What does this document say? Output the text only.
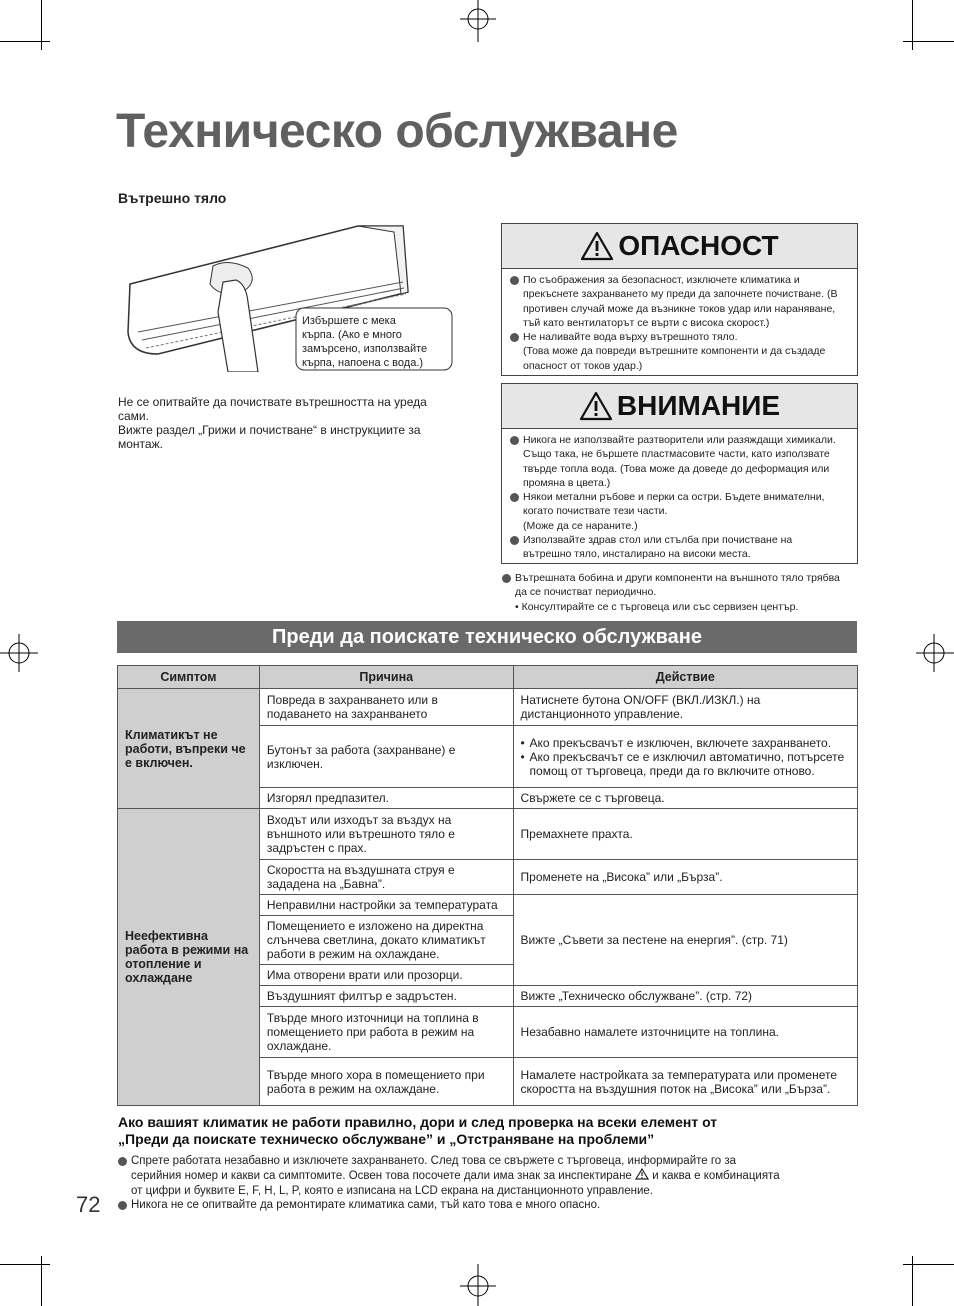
Техническо обслужване
Вътрешно тяло
Избършете с мека
кърпа. (Ако е много
замърсено, използвайте
кърпа, напоена с вода.)
Не се опитвайте да почиствате вътрешността на уреда
сами.
Вижте раздел „Грижи и почистване“ в инструкциите за
монтаж.
ОПАСНОСТ
По съображения за безопасност, изключете климатика и
прекъснете захранването му преди да започнете почистване. (В
противен случай може да възникне токов удар или нараняване,
тъй като вентилаторът се върти с висока скорост.)
Не наливайте вода върху вътрешното тяло.
(Това може да повреди вътрешните компоненти и да създаде
опасност от токов удар.)
ВНИМАНИЕ
Никога не използвайте разтворители или разяждащи химикали.
Също така, не бършете пластмасовите части, като използвате
твърде топла вода. (Това може да доведе до деформация или
промяна в цвета.)
Някои метални ръбове и перки са остри. Бъдете внимателни,
когато почиствате тези части.
(Може да се нараните.)
Използвайте здрав стол или стълба при почистване на
вътрешно тяло, инсталирано на високи места.
Вътрешната бобина и други компоненти на външното тяло трябва
да се почистват периодично.
• Консултирайте се с търговеца или със сервизен център.
Преди да поискате техническо обслужване
Симптом	Причина	Действие
Климатикът не работи, въпреки че е включен.	Повреда в захранването или в подаването на захранването	Натиснете бутона ON/OFF (ВКЛ./ИЗКЛ.) на дистанционното управление.
	Бутонът за работа (захранване) е изключен.	• Ако прекъсвачът е изключен, включете захранването.
• Ако прекъсвачът се е изключил автоматично, потърсете помощ от търговеца, преди да го включите отново.

	Изгорял предпазител.	Свържете се с търговеца.
Неефективна работа в режими на отопление и охлаждане	Входът или изходът за въздух на външното или вътрешното тяло е задръстен с прах.	Премахнете прахта.
	Скоростта на въздушната струя е зададена на „Бавна”.	Променете на „Висока” или „Бърза”.
	Неправилни настройки за температурата	Вижте „Съвети за пестене на енергия”. (стр. 71)
	Помещението е изложено на директна слънчева светлина, докато климатикът работи в режим на охлаждане.	
	Има отворени врати или прозорци.	
	Въздушният филтър е задръстен.	Вижте „Техническо обслужване”. (стр. 72)
	Твърде много източници на топлина в помещението при работа в режим на охлаждане.	Незабавно намалете източниците на топлина.
	Твърде много хора в помещението при работа в режим на охлаждане.	Намалете настройката за температурата или променете скоростта на въздушния поток на „Висока” или „Бърза”.
Ако вашият климатик не работи правилно, дори и след проверка на всеки елемент от
„Преди да поискате техническо обслужване” и „Отстраняване на проблеми”
Спрете работата незабавно и изключете захранването. След това се свържете с търговеца, информирайте го за
серийния номер и какви са симптомите. Освен това посочете дали има знак за инспектиране и каква е комбинацията
от цифри и буквите E, F, H, L, P, която е изписана на LCD екрана на дистанционното управление.
Никога не се опитвайте да ремонтирате климатика сами, тъй като това е много опасно.
72
